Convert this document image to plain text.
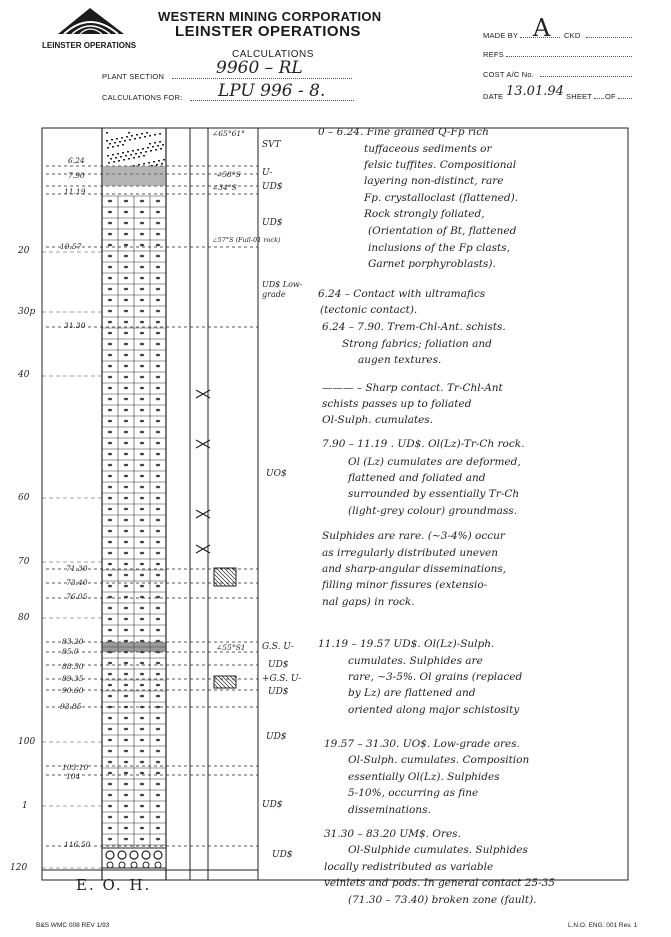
LEINSTER OPERATIONS
WESTERN MINING CORPORATION
LEINSTER OPERATIONS
CALCULATIONS
PLANT SECTION	9960 – RL
CALCULATIONS FOR: LPU 996 - 8.
MADE BY A CKD
REFS
COST A/C No.
DATE 13.01.94 SHEET OF
20
30p
40
60
70
80
100
1
120
6.24
7.90
11.19
19.57
31.30
71.30
73.40
76.05
83.20
85.0
88.50
89.35
90.60
93.85
103.10
104
116.50
∠65°61°
∠58°S
∠34°S
∠57°S (Full-01 rock)
∠55°S1
SVT
U-
UD$
UD$
UD$ Low-grade
UO$
G.S. U-
UD$
+G.S. U-
UD$
UD$
UD$
UD$
E. O. H.
0 – 6.24. Fine grained Q-Fp rich
tuffaceous sediments or
felsic tuffites. Compositional
layering non-distinct, rare
Fp. crystalloclast (flattened).
Rock strongly foliated,
(Orientation of Bt, flattened
inclusions of the Fp clasts,
Garnet porphyroblasts).
6.24 – Contact with ultramafics
(tectonic contact).
6.24 – 7.90. Trem-Chl-Ant. schists.
Strong fabrics; foliation and
augen textures.
——— – Sharp contact. Tr-Chl-Ant
schists passes up to foliated
Ol-Sulph. cumulates.
7.90 – 11.19 . UD$. Ol(Lz)-Tr-Ch rock.
Ol (Lz) cumulates are deformed,
flattened and foliated and
surrounded by essentially Tr-Ch
(light-grey colour) groundmass.
Sulphides are rare. (~3-4%) occur
as irregularly distributed uneven
and sharp-angular disseminations,
filling minor fissures (extensio-
nal gaps) in rock.
11.19 – 19.57 UD$. Ol(Lz)-Sulph.
cumulates. Sulphides are
rare, ~3-5%. Ol grains (replaced
by Lz) are flattened and
oriented along major schistosity
19.57 – 31.30. UO$. Low-grade ores.
Ol-Sulph. cumulates. Composition
essentially Ol(Lz). Sulphides
5-10%, occurring as fine
disseminations.
31.30 – 83.20 UM$. Ores.
Ol-Sulphide cumulates. Sulphides
locally redistributed as variable
veinlets and pods. In general contact 25-35
(71.30 – 73.40) broken zone (fault).
B&S WMC 008 REV 1/93	L.N.O. ENG. 001 Rev. 1
